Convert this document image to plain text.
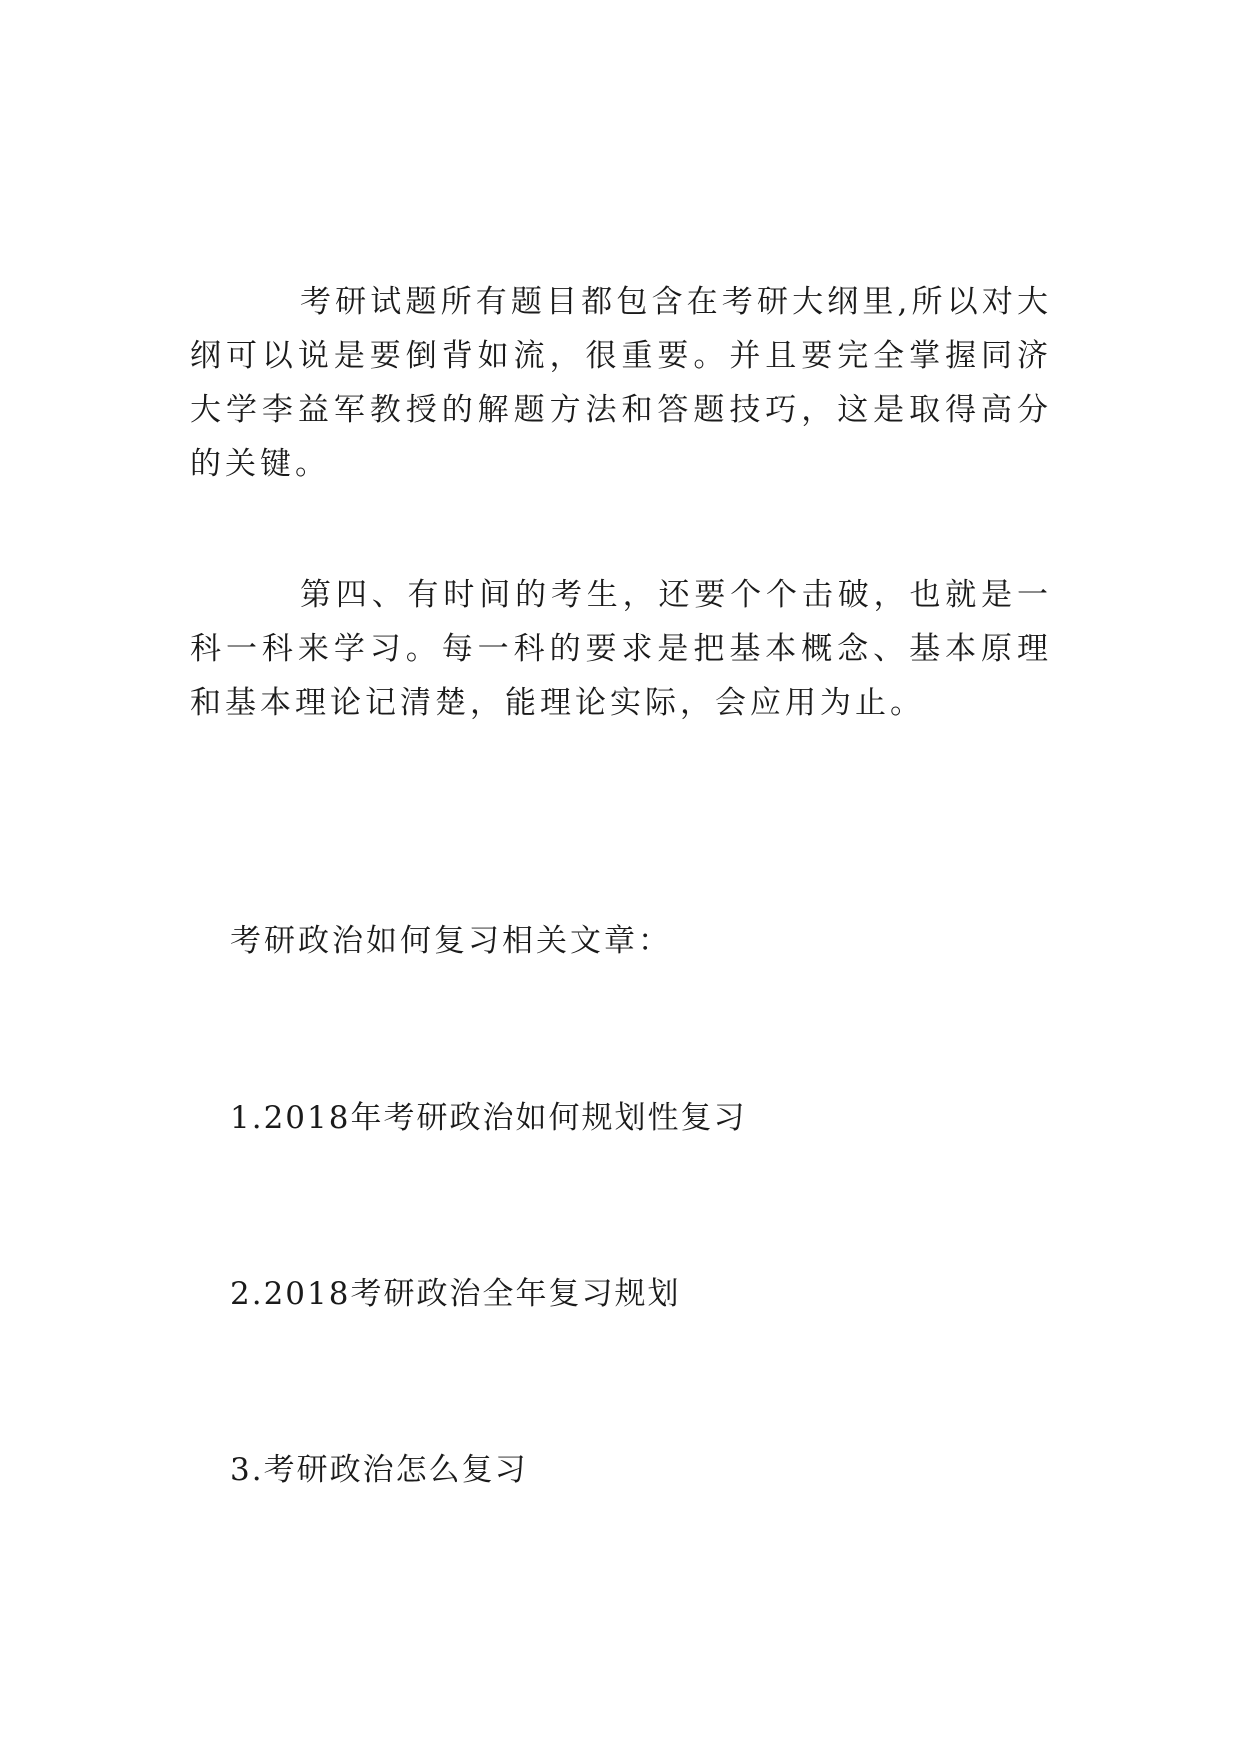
考研试题所有题目都包含在考研大纲里,所以对大纲可以说是要倒背如流，很重要。并且要完全掌握同济大学李益军教授的解题方法和答题技巧，这是取得高分的关键。

第四、有时间的考生，还要个个击破，也就是一科一科来学习。每一科的要求是把基本概念、基本原理和基本理论记清楚，能理论实际，会应用为止。

考研政治如何复习相关文章：

1.2018年考研政治如何规划性复习

2.2018考研政治全年复习规划

3.考研政治怎么复习
